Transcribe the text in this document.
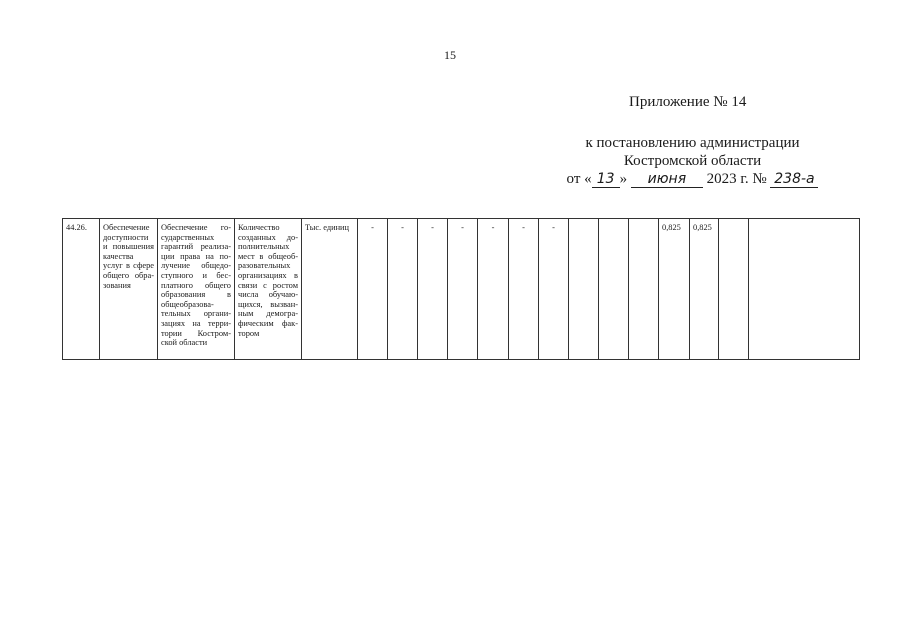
15
Приложение № 14
к постановлению администрации
Костромской области
от « 13 » июня 2023 г. № 238-а
44.26.	Обеспечение доступности и повышения качества услуг в сфере общего обра-зования	Обеспечение го-сударственных гарантий реализа-ции права на по-лучение общедо-ступного и бес-платного общего образования в общеобразова-тельных органи-зациях на терри-тории Костром-ской области	Количество созданных до-полнительных мест в общеоб-разовательных организациях в связи с ростом числа обучаю-щихся, вызван-ным демогра-фическим фак-тором	Тыс. единиц	-	-	-	-	-	-	-				0,825	0,825		
